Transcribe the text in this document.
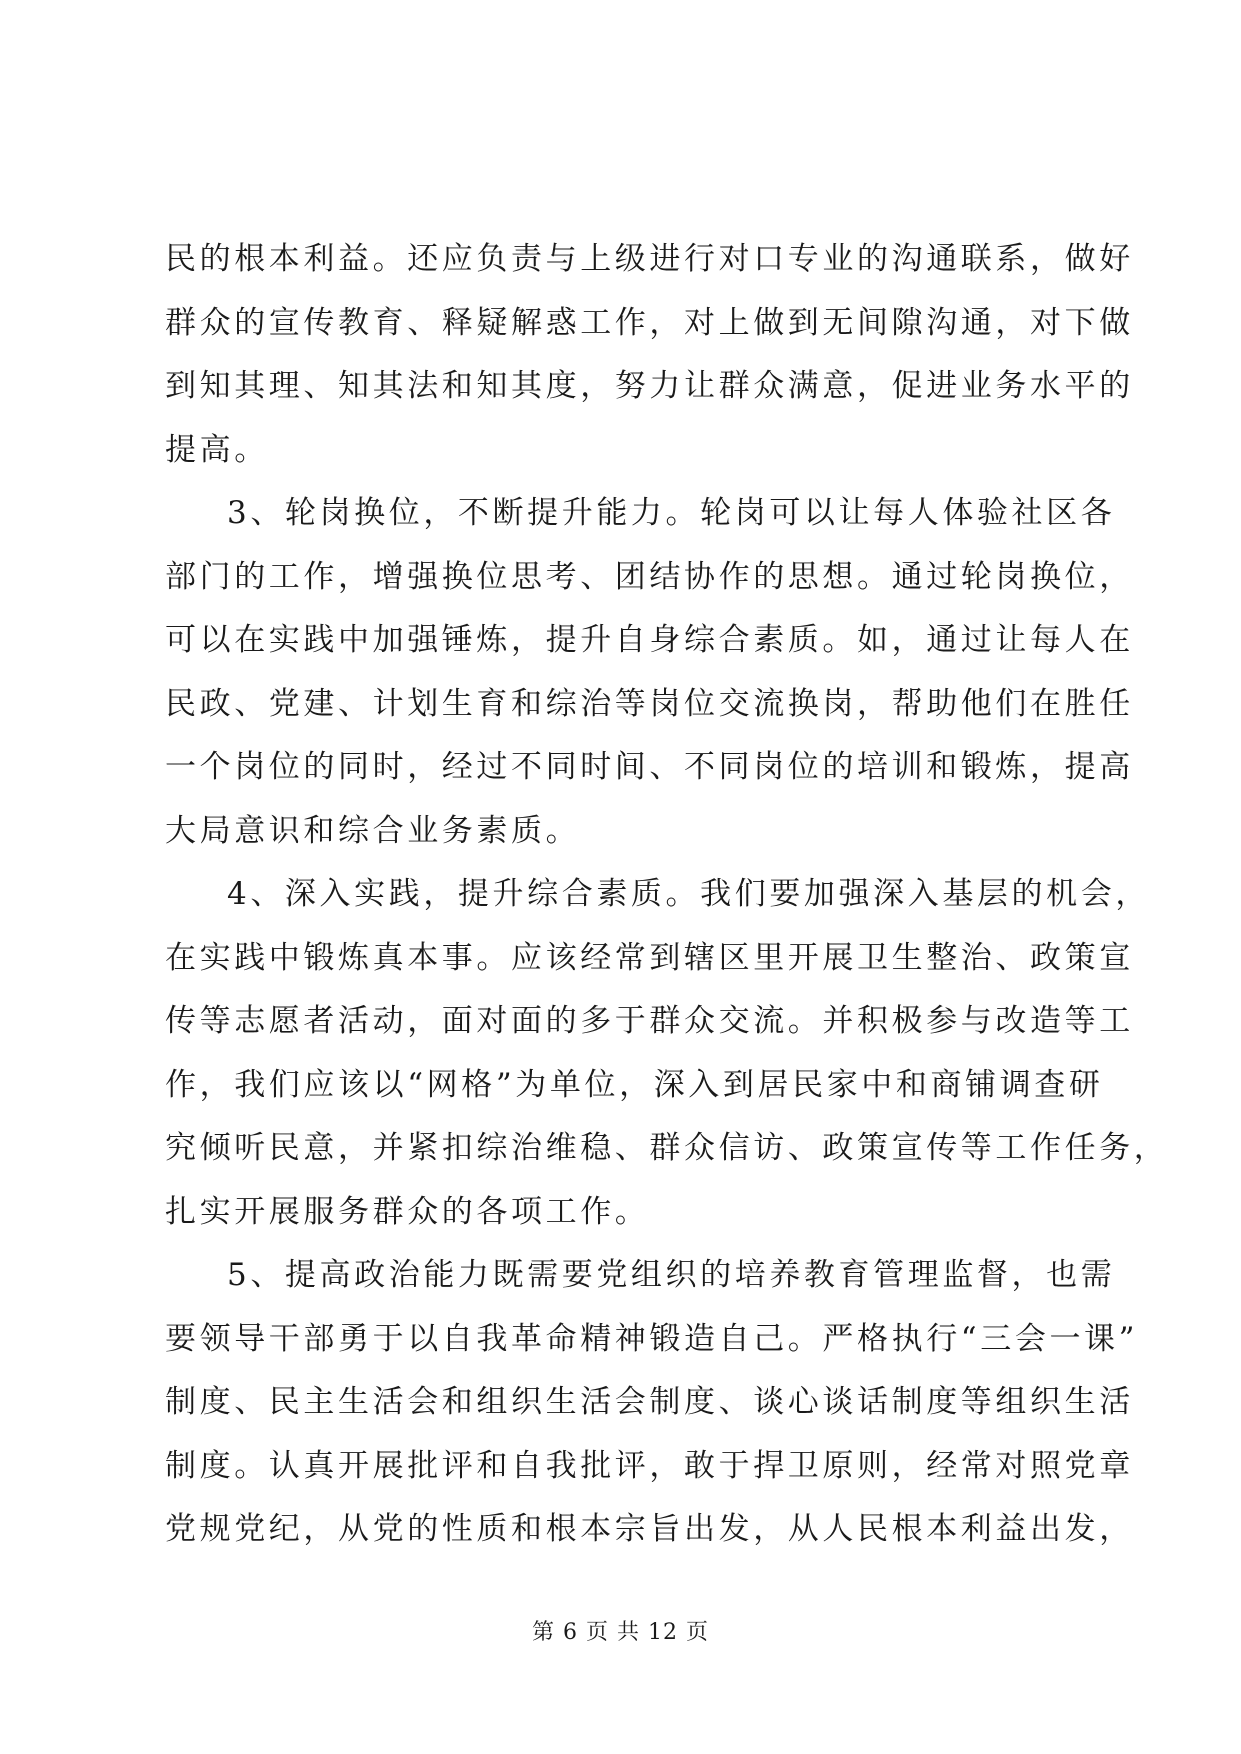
民的根本利益。还应负责与上级进行对口专业的沟通联系，做好
群众的宣传教育、释疑解惑工作，对上做到无间隙沟通，对下做
到知其理、知其法和知其度，努力让群众满意，促进业务水平的
提高。
3、轮岗换位，不断提升能力。轮岗可以让每人体验社区各
部门的工作，增强换位思考、团结协作的思想。通过轮岗换位，
可以在实践中加强锤炼，提升自身综合素质。如，通过让每人在
民政、党建、计划生育和综治等岗位交流换岗，帮助他们在胜任
一个岗位的同时，经过不同时间、不同岗位的培训和锻炼，提高
大局意识和综合业务素质。
4、深入实践，提升综合素质。我们要加强深入基层的机会，
在实践中锻炼真本事。应该经常到辖区里开展卫生整治、政策宣
传等志愿者活动，面对面的多于群众交流。并积极参与改造等工
作，我们应该以“网格”为单位，深入到居民家中和商铺调查研
究倾听民意，并紧扣综治维稳、群众信访、政策宣传等工作任务，
扎实开展服务群众的各项工作。
5、提高政治能力既需要党组织的培养教育管理监督，也需
要领导干部勇于以自我革命精神锻造自己。严格执行“三会一课”
制度、民主生活会和组织生活会制度、谈心谈话制度等组织生活
制度。认真开展批评和自我批评，敢于捍卫原则，经常对照党章
党规党纪，从党的性质和根本宗旨出发，从人民根本利益出发，
第 6 页 共 12 页
